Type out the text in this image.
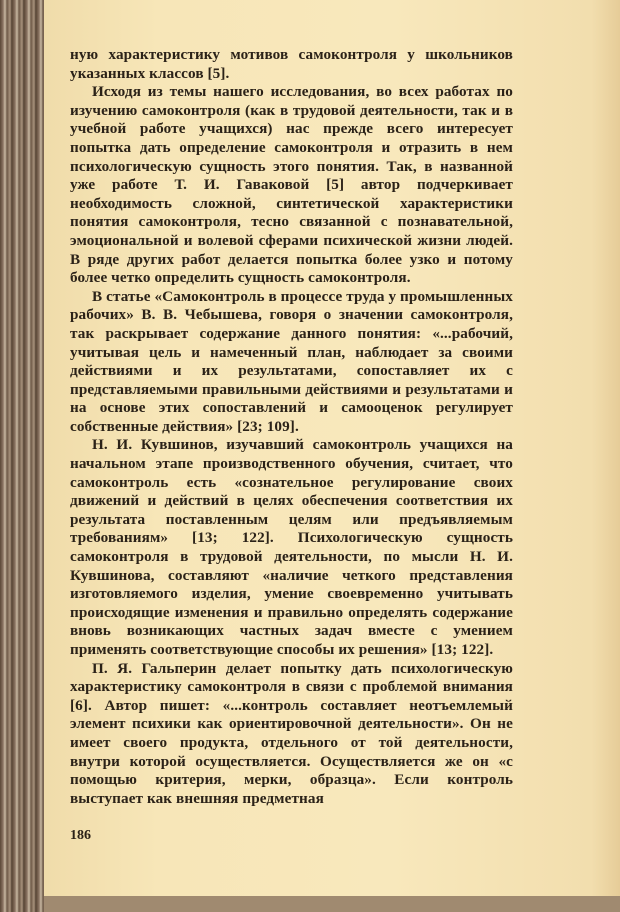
ную характеристику мотивов самоконтроля у школьников указанных классов [5].

Исходя из темы нашего исследования, во всех работах по изучению самоконтроля (как в трудовой деятельности, так и в учебной работе учащихся) нас прежде всего интересует попытка дать определение самоконтроля и отразить в нем психологическую сущность этого понятия. Так, в названной уже работе Т. И. Гаваковой [5] автор подчеркивает необходимость сложной, синтетической характеристики понятия самоконтроля, тесно связанной с познавательной, эмоциональной и волевой сферами психической жизни людей. В ряде других работ делается попытка более узко и потому более четко определить сущность самоконтроля.

В статье «Самоконтроль в процессе труда у промышленных рабочих» В. В. Чебышева, говоря о значении самоконтроля, так раскрывает содержание данного понятия: «...рабочий, учитывая цель и намеченный план, наблюдает за своими действиями и их результатами, сопоставляет их с представляемыми правильными действиями и результатами и на основе этих сопоставлений и самооценок регулирует собственные действия» [23; 109].

Н. И. Кувшинов, изучавший самоконтроль учащихся на начальном этапе производственного обучения, считает, что самоконтроль есть «сознательное регулирование своих движений и действий в целях обеспечения соответствия их результата поставленным целям или предъявляемым требованиям» [13; 122]. Психологическую сущность самоконтроля в трудовой деятельности, по мысли Н. И. Кувшинова, составляют «наличие четкого представления изготовляемого изделия, умение своевременно учитывать происходящие изменения и правильно определять содержание вновь возникающих частных задач вместе с умением применять соответствующие способы их решения» [13; 122].

П. Я. Гальперин делает попытку дать психологическую характеристику самоконтроля в связи с проблемой внимания [6]. Автор пишет: «...контроль составляет неотъемлемый элемент психики как ориентировочной деятельности». Он не имеет своего продукта, отдельного от той деятельности, внутри которой осуществляется. Осуществляется же он «с помощью критерия, мерки, образца». Если контроль выступает как внешняя предметная

186
